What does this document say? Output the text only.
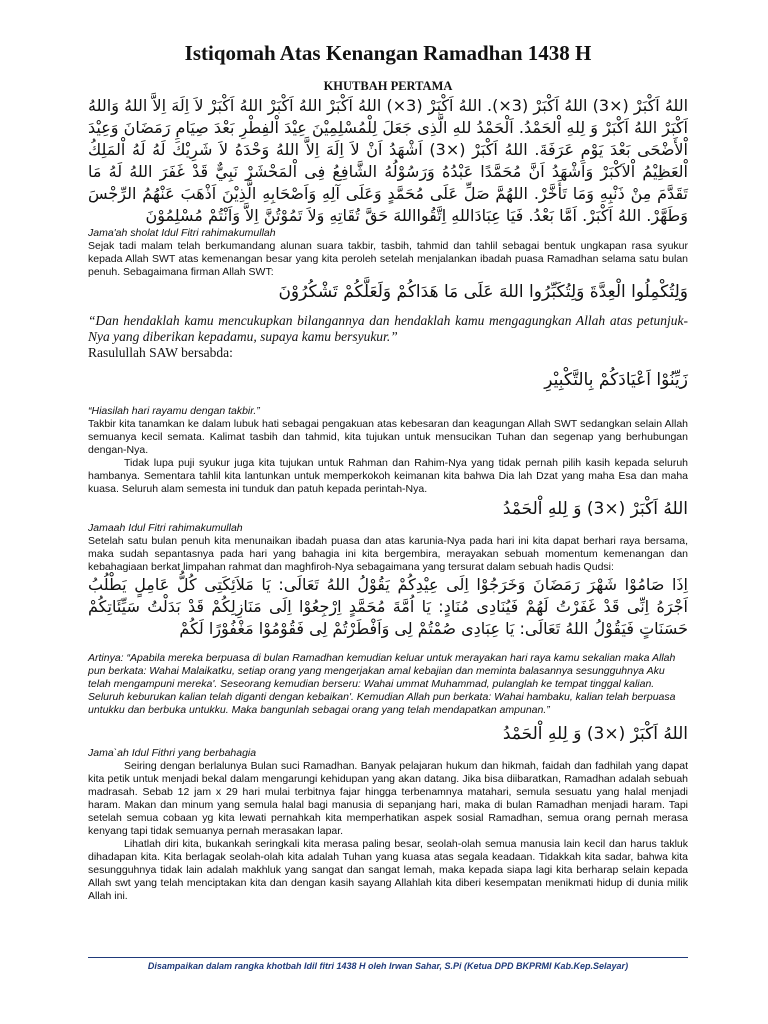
Istiqomah Atas Kenangan Ramadhan 1438 H
KHUTBAH PERTAMA

اللهُ اَكْبَرْ (×3) اللهُ اَكْبَرْ (3×). اللهُ اَكْبَرْ (3×) اللهُ اَكْبَرْ اللهُ اَكْبَرْ اللهُ اَكْبَرْ لاَ اِلَهَ اِلاَّ اللهُ وَاللهُ اَكْبَرْ اللهُ اَكْبَرْ وَ لِلهِ اْلحَمْدُ. اَلْحَمْدُ للهِ الَّذِى جَعَلَ لِلْمُسْلِمِيْنَ عِيْدَ اْلفِطْرِ بَعْدَ صِيَامِ رَمَضَانَ وَعِيْدَ اْلأَضْحَى بَعْدَ يَوْمِ عَرَفَةَ. اللهُ اَكْبَرْ (×3) اَشْهَدُ اَنْ لاَ اِلَهَ اِلاَّ اللهُ وَحْدَهُ لاَ شَرِيْكَ لَهُ لَهُ اْلمَلِكُ اْلعَظِيْمُ اْلاَكْبَرْ وَاَشْهَدُ اَنَّ مُحَمَّدًا عَبْدُهُ وَرَسُوْلُهُ الشَّافِعُ فِى اْلمَحْشَرْ نَبِيٌّ قَدْ غَفَرَ اللهُ لَهُ مَا تَقَدَّمَ مِنْ ذَنْبِهِ وَمَا تَأَخَّرْ. اللهُمَّ صَلِّ عَلَى مُحَمَّدٍ وَعَلَى آلِهِ وَاَصْحَابِهِ الَّذِيْنَ اَذْهَبَ عَنْهُمُ الرِّجْسَ وَطَهَّرْ. اللهُ اَكْبَرْ. اَمَّا بَعْدُ. فَيَا عِبَادَاللهِ اِتَّقُوااللهَ حَقَّ تُقَاتِهِ وَلاَ تَمُوْتُنَّ اِلاَّ وَاَنْتُمْ مُسْلِمُوْنَ

Jama'ah sholat Idul Fitri rahimakumullah

Sejak tadi malam telah berkumandang alunan suara takbir, tasbih, tahmid dan tahlil sebagai bentuk ungkapan rasa syukur kepada Allah SWT atas kemenangan besar yang kita peroleh setelah menjalankan ibadah puasa Ramadhan selama satu bulan penuh. Sebagaimana firman Allah SWT:

وَلِتُكْمِلُوا الْعِدَّةَ وَلِتُكَبِّرُوا اللهَ عَلَى مَا هَدَاكُمْ وَلَعَلَّكُمْ تَشْكُرُوْنَ

“Dan hendaklah kamu mencukupkan bilangannya dan hendaklah kamu mengagungkan Allah atas petunjuk-Nya yang diberikan kepadamu, supaya kamu bersyukur.”

Rasulullah SAW bersabda:

زَيِّنُوْا اَعْيَادَكُمْ بِالتَّكْبِيْرِ

“Hiasilah hari rayamu dengan takbir.”

Takbir kita tanamkan ke dalam lubuk hati sebagai pengakuan atas kebesaran dan keagungan Allah SWT sedangkan selain Allah semuanya kecil semata. Kalimat tasbih dan tahmid, kita tujukan untuk mensucikan Tuhan dan segenap yang berhubungan dengan-Nya.

Tidak lupa puji syukur juga kita tujukan untuk Rahman dan Rahim-Nya yang tidak pernah pilih kasih kepada seluruh hambanya. Sementara tahlil kita lantunkan untuk memperkokoh keimanan kita bahwa Dia lah Dzat yang maha Esa dan maha kuasa. Seluruh alam semesta ini tunduk dan patuh kepada perintah-Nya.

اللهُ اَكْبَرْ (×3) وَ لِلهِ اْلحَمْدُ

Jamaah Idul Fitri rahimakumullah

Setelah satu bulan penuh kita menunaikan ibadah puasa dan atas karunia-Nya pada hari ini kita dapat berhari raya bersama, maka sudah sepantasnya pada hari yang bahagia ini kita bergembira, merayakan sebuah momentum kemenangan dan kebahagiaan berkat limpahan rahmat dan maghfiroh-Nya sebagaimana yang tersurat dalam sebuah hadis Qudsi:

اِذَا صَامُوْا شَهْرَ رَمَضَانَ وَخَرَجُوْا اِلَى عِيْدِكُمْ يَقُوْلُ اللهُ تَعَالَى: يَا مَلاَئِكَتِى كُلُّ عَامِلٍ يَطْلُبُ اَجْرَهُ اِنِّى قَدْ غَفَرْتُ لَهُمْ فَيُنَادِى مُنَادٍ: يَا اُمَّةَ مُحَمَّدٍ اِرْجِعُوْا اِلَى مَنَازِلِكُمْ قَدْ بَدَلْتُ سَيِّئَاتِكُمْ حَسَنَاتٍ فَيَقُوْلُ اللهُ تَعَالَى: يَا عِبَادِى صُمْتُمْ لِى وَاَفْطَرْتُمْ لِى فَقُوْمُوْا مَغْفُوْرًا لَكُمْ

Artinya: “Apabila mereka berpuasa di bulan Ramadhan kemudian keluar untuk merayakan hari raya kamu sekalian maka Allah pun berkata: Wahai Malaikatku, setiap orang yang mengerjakan amal kebajian dan meminta balasannya sesungguhnya Aku telah mengampuni mereka'. Seseorang kemudian berseru: Wahai ummat Muhammad, pulanglah ke tempat tinggal kalian. Seluruh keburukan kalian telah diganti dengan kebaikan'. Kemudian Allah pun berkata: Wahai hambaku, kalian telah berpuasa untukku dan berbuka untukku. Maka bangunlah sebagai orang yang telah mendapatkan ampunan.”

اللهُ اَكْبَرْ (×3) وَ لِلهِ اْلحَمْدُ

Jama`ah Idul Fithri yang berbahagia

Seiring dengan berlalunya Bulan suci Ramadhan. Banyak pelajaran hukum dan hikmah, faidah dan fadhilah yang dapat kita petik untuk menjadi bekal dalam mengarungi kehidupan yang akan datang. Jika bisa diibaratkan, Ramadhan adalah sebuah madrasah. Sebab 12 jam x 29 hari mulai terbitnya fajar hingga terbenamnya matahari, semula sesuatu yang halal menjadi haram. Makan dan minum yang semula halal bagi manusia di sepanjang hari, maka di bulan Ramadhan menjadi haram. Tapi setelah semua cobaan yg kita lewati pernahkah kita memperhatikan aspek sosial Ramadhan, semua orang pernah merasa kenyang tapi tidak semuanya pernah merasakan lapar.

Lihatlah diri kita, bukankah seringkali kita merasa paling besar, seolah-olah semua manusia lain kecil dan harus takluk dihadapan kita. Kita berlagak seolah-olah kita adalah Tuhan yang kuasa atas segala keadaan. Tidakkah kita sadar, bahwa kita sesungguhnya tidak lain adalah makhluk yang sangat dan sangat lemah, maka kepada siapa lagi kita berharap selain kepada Allah swt yang telah menciptakan kita dan dengan kasih sayang Allahlah kita diberi kesempatan menikmati hidup di dunia milik Allah ini.

Disampaikan dalam rangka khotbah Idil fitri 1438 H oleh Irwan Sahar, S.Pi (Ketua DPD BKPRMI Kab.Kep.Selayar)
